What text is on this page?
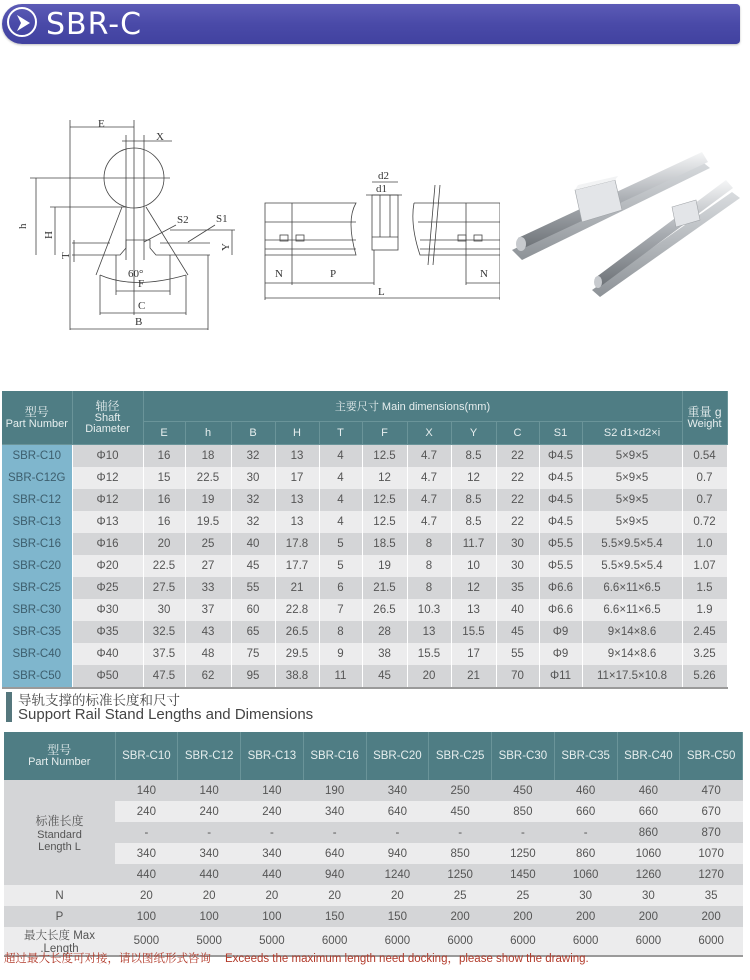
SBR-C
E
X
h
H
T
60°
S2 S1
Y
F
C
B
d2
d1
N	P	N
L
型号
Part Number	轴径
Shaft
Diameter	主要尺寸 Main dimensions(mm)											重量 g
Weight

		E	h	B	H	T	F	X	Y	C	S1	S2 d1×d2×i	
SBR-C10	Φ10	16	18	32	13	4	12.5	4.7	8.5	22	Φ4.5	5×9×5	0.54
SBR-C12G	Φ12	15	22.5	30	17	4	12	4.7	12	22	Φ4.5	5×9×5	0.7
SBR-C12	Φ12	16	19	32	13	4	12.5	4.7	8.5	22	Φ4.5	5×9×5	0.7
SBR-C13	Φ13	16	19.5	32	13	4	12.5	4.7	8.5	22	Φ4.5	5×9×5	0.72
SBR-C16	Φ16	20	25	40	17.8	5	18.5	8	11.7	30	Φ5.5	5.5×9.5×5.4	1.0
SBR-C20	Φ20	22.5	27	45	17.7	5	19	8	10	30	Φ5.5	5.5×9.5×5.4	1.07
SBR-C25	Φ25	27.5	33	55	21	6	21.5	8	12	35	Φ6.6	6.6×11×6.5	1.5
SBR-C30	Φ30	30	37	60	22.8	7	26.5	10.3	13	40	Φ6.6	6.6×11×6.5	1.9
SBR-C35	Φ35	32.5	43	65	26.5	8	28	13	15.5	45	Φ9	9×14×8.6	2.45
SBR-C40	Φ40	37.5	48	75	29.5	9	38	15.5	17	55	Φ9	9×14×8.6	3.25
SBR-C50	Φ50	47.5	62	95	38.8	11	45	20	21	70	Φ11	11×17.5×10.8	5.26
导轨支撑的标准长度和尺寸
Support Rail Stand Lengths and Dimensions
型号
Part Number	SBR-C10	SBR-C12	SBR-C13	SBR-C16	SBR-C20	SBR-C25	SBR-C30	SBR-C35	SBR-C40	SBR-C50

标准长度
Standard
Length L	140	140	140	190	340	250	450	460	460	470
	240	240	240	340	640	450	850	660	660	670
	-	-	-	-	-	-	-	-	860	870
	340	340	340	640	940	850	1250	860	1060	1070
	440	440	440	940	1240	1250	1450	1060	1260	1270
N	20	20	20	20	20	25	25	30	30	35
P	100	100	100	150	150	200	200	200	200	200
最大长度 Max .Length	5000	5000	5000	6000	6000	6000	6000	6000	6000	6000
超过最大长度可对接，请以图纸形式咨询 Exceeds the maximum length need docking，please show the drawing.
